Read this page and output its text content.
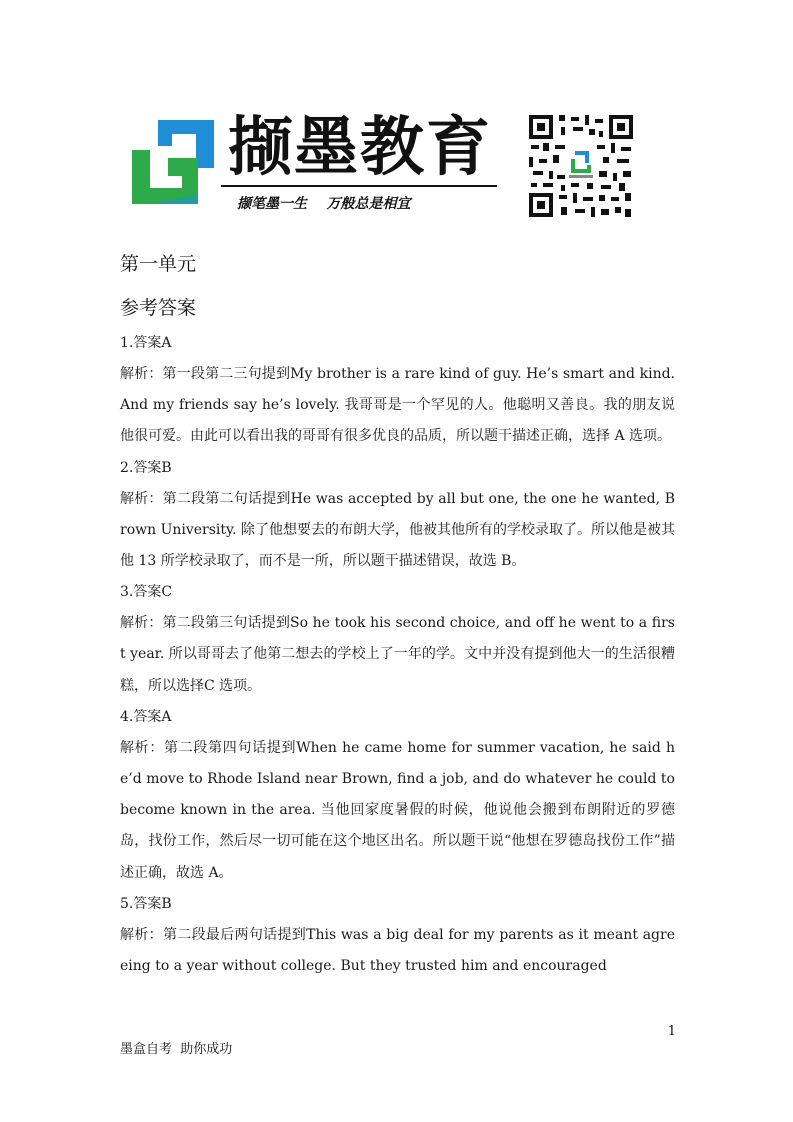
撷墨教育
撷笔墨一生    万般总是相宜
第一单元
参考答案

1.答案A

解析：第一段第二三句提到My brother is a rare kind of guy. He’s smart and kind. And my friends say he’s lovely. 我哥哥是一个罕见的人。他聪明又善良。我的朋友说他很可爱。由此可以看出我的哥哥有很多优良的品质，所以题干描述正确，选择 A 选项。

2.答案B

解析：第二段第二句话提到He was accepted by all but one, the one he wanted, Brown University. 除了他想要去的布朗大学，他被其他所有的学校录取了。所以他是被其他 13 所学校录取了，而不是一所，所以题干描述错误，故选 B。

3.答案C

解析：第二段第三句话提到So he took his second choice, and off he went to a first year. 所以哥哥去了他第二想去的学校上了一年的学。文中并没有提到他大一的生活很糟糕，所以选择C 选项。

4.答案A

解析：第二段第四句话提到When he came home for summer vacation, he said he’d move to Rhode Island near Brown, find a job, and do whatever he could to become known in the area. 当他回家度暑假的时候，他说他会搬到布朗附近的罗德岛，找份工作，然后尽一切可能在这个地区出名。所以题干说“他想在罗德岛找份工作”描述正确，故选 A。

5.答案B

解析：第二段最后两句话提到This was a big deal for my parents as it meant agreeing to a year without college. But they trusted him and encouraged

1
墨盒自考  助你成功
